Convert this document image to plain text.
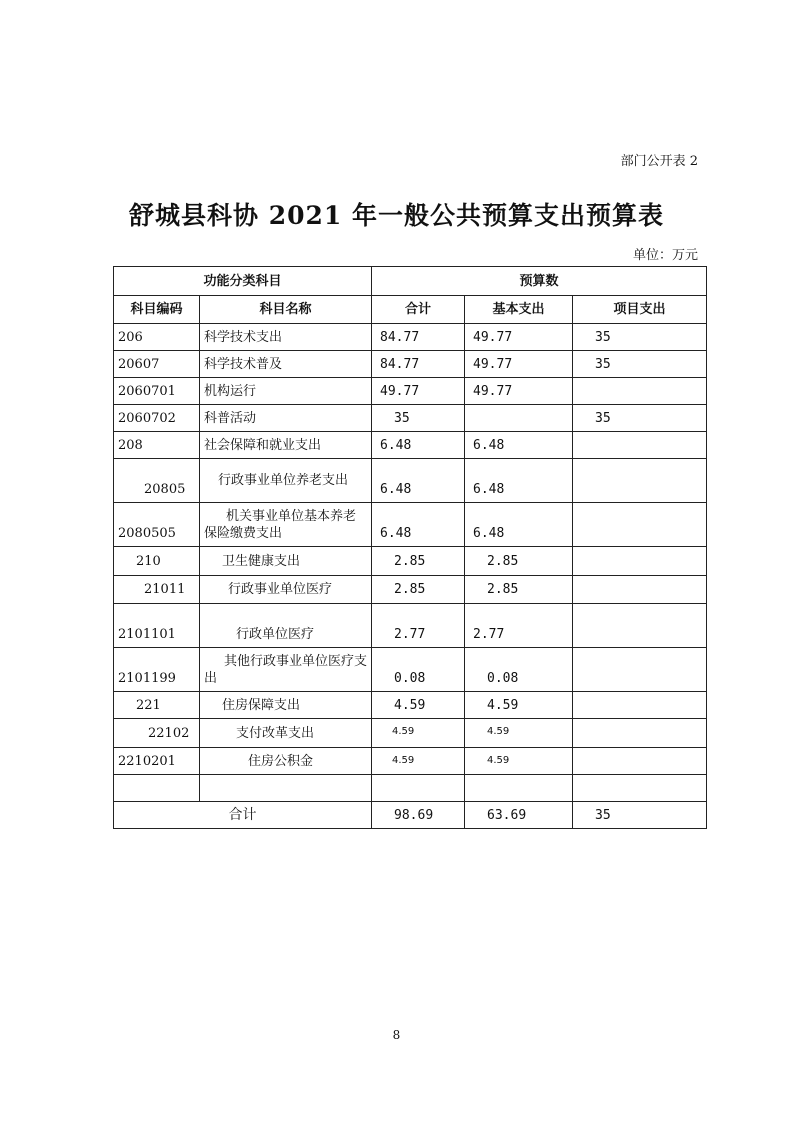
部门公开表 2
舒城县科协 2021 年一般公共预算支出预算表
单位：万元
功能分类科目		预算数		
科目编码	科目名称	合计	基本支出	项目支出
206	科学技术支出	84.77	49.77	35
20607	科学技术普及	84.77	49.77	35
2060701	机构运行	49.77	49.77	
2060702	科普活动	35		35
208	社会保障和就业支出	6.48	6.48	
20805	行政事业单位养老支出	6.48	6.48	
2080505	机关事业单位基本养老保险缴费支出	6.48	6.48	
210	卫生健康支出	2.85	2.85	
21011	行政事业单位医疗	2.85	2.85	
2101101	行政单位医疗	2.77	2.77	
2101199	其他行政事业单位医疗支出	0.08	0.08	
221	住房保障支出	4.59	4.59	
22102	支付改革支出	4.59	4.59	
2210201	住房公积金	4.59	4.59	

合计		98.69	63.69	35
8
